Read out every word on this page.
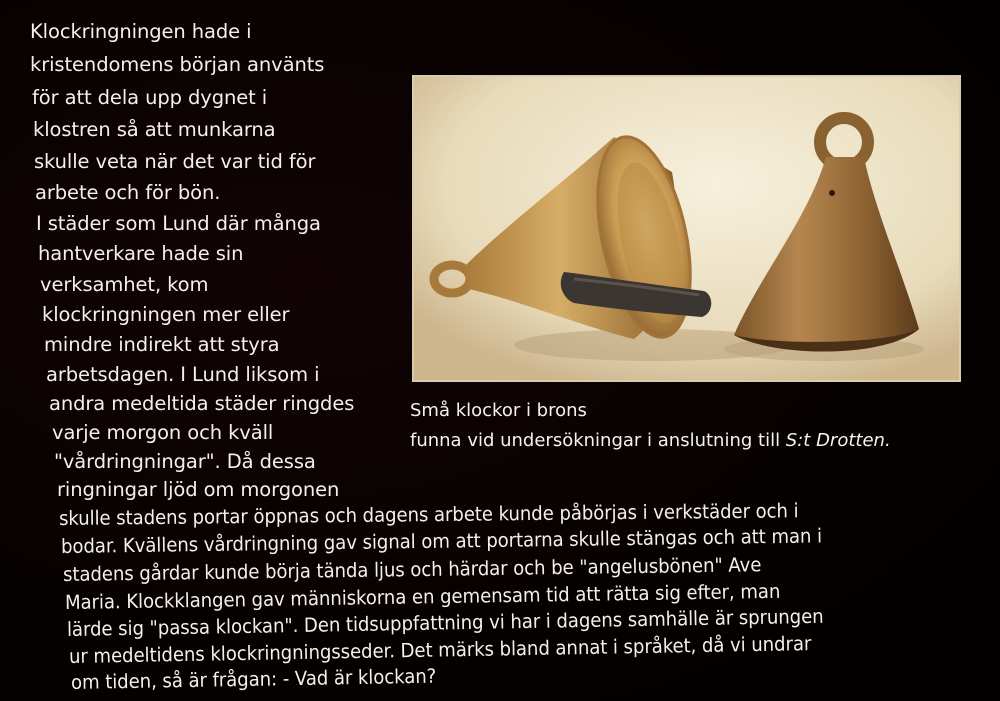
Klockringningen hade i
kristendomens början använts
för att dela upp dygnet i
klostren så att munkarna
skulle veta när det var tid för
arbete och för bön.
I städer som Lund där många
hantverkare hade sin
verksamhet, kom
klockringningen mer eller
mindre indirekt att styra
arbetsdagen. I Lund liksom i
andra medeltida städer ringdes
varje morgon och kväll
"vårdringningar". Då dessa
ringningar ljöd om morgonen
skulle stadens portar öppnas och dagens arbete kunde påbörjas i verkstäder och i
bodar. Kvällens vårdringning gav signal om att portarna skulle stängas och att man i
stadens gårdar kunde börja tända ljus och härdar och be "angelusbönen" Ave
Maria. Klockklangen gav människorna en gemensam tid att rätta sig efter, man
lärde sig "passa klockan". Den tidsuppfattning vi har i dagens samhälle är sprungen
ur medeltidens klockringningsseder. Det märks bland annat i språket, då vi undrar
om tiden, så är frågan: - Vad är klockan?
Små klockor i brons
funna vid undersökningar i anslutning till S:t Drotten.
